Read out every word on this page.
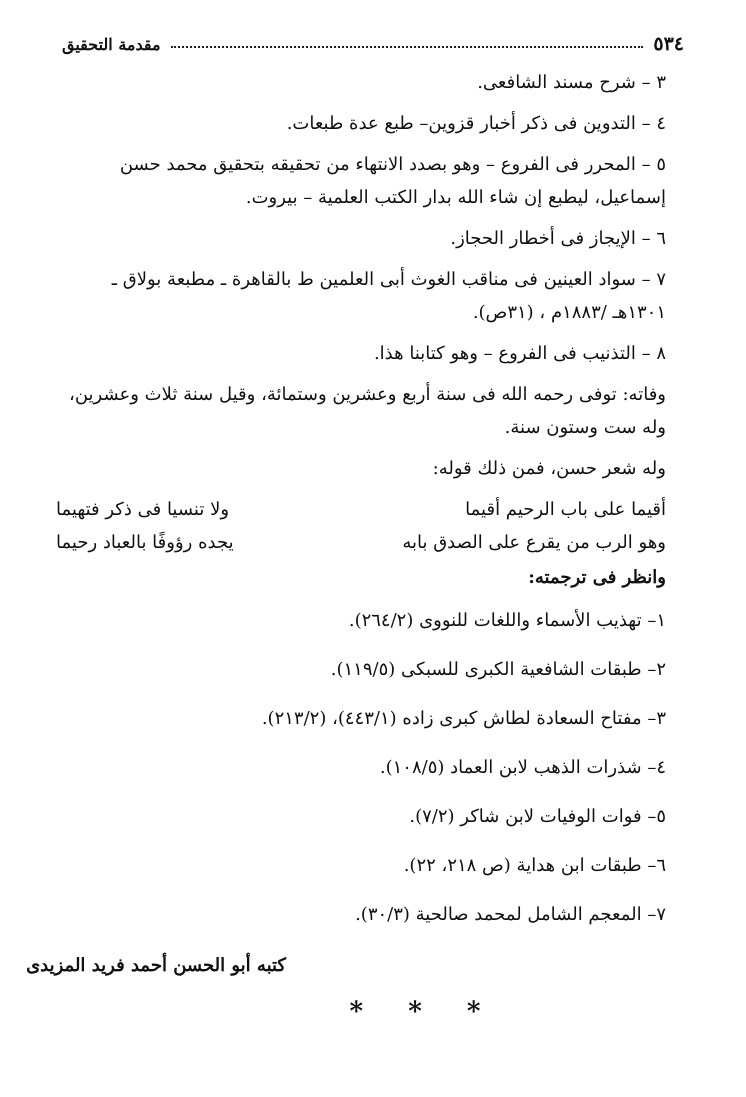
٥٣٤
مقدمة التحقيق

٣ – شرح مسند الشافعى.

٤ – التدوين فى ذكر أخبار قزوين– طبع عدة طبعات.

٥ – المحرر فى الفروع – وهو بصدد الانتهاء من تحقيقه بتحقيق محمد حسن
إسماعيل، ليطبع إن شاء الله بدار الكتب العلمية – بيروت.

٦ – الإيجاز فى أخطار الحجاز.

٧ – سواد العينين فى مناقب الغوث أبى العلمين ط بالقاهرة ـ مطبعة بولاق ـ
١٣٠١هـ /١٨٨٣م ، (٣١ص).

٨ – التذنيب فى الفروع – وهو كتابنا هذا.

وفاته: توفى رحمه الله فى سنة أربع وعشرين وستمائة، وقيل سنة ثلاث وعشرين،
وله ست وستون سنة.

وله شعر حسن، فمن ذلك قوله:

أقيما على باب الرحيم أقيما
ولا تنسيا فى ذكر فتهيما
وهو الرب من يقرع على الصدق بابه
يجده رؤوفًا بالعباد رحيما
وانظر فى ترجمته:
١– تهذيب الأسماء واللغات للنووى (٢٦٤/٢).
٢– طبقات الشافعية الكبرى للسبكى (١١٩/٥).
٣– مفتاح السعادة لطاش كبرى زاده (٤٤٣/١)، (٢١٣/٢).
٤– شذرات الذهب لابن العماد (١٠٨/٥).
٥– فوات الوفيات لابن شاكر (٧/٢).
٦– طبقات ابن هداية (ص ٢١٨، ٢٢).
٧– المعجم الشامل لمحمد صالحية (٣٠/٣).
كتبه أبو الحسن أحمد فريد المزيدى
* * *
